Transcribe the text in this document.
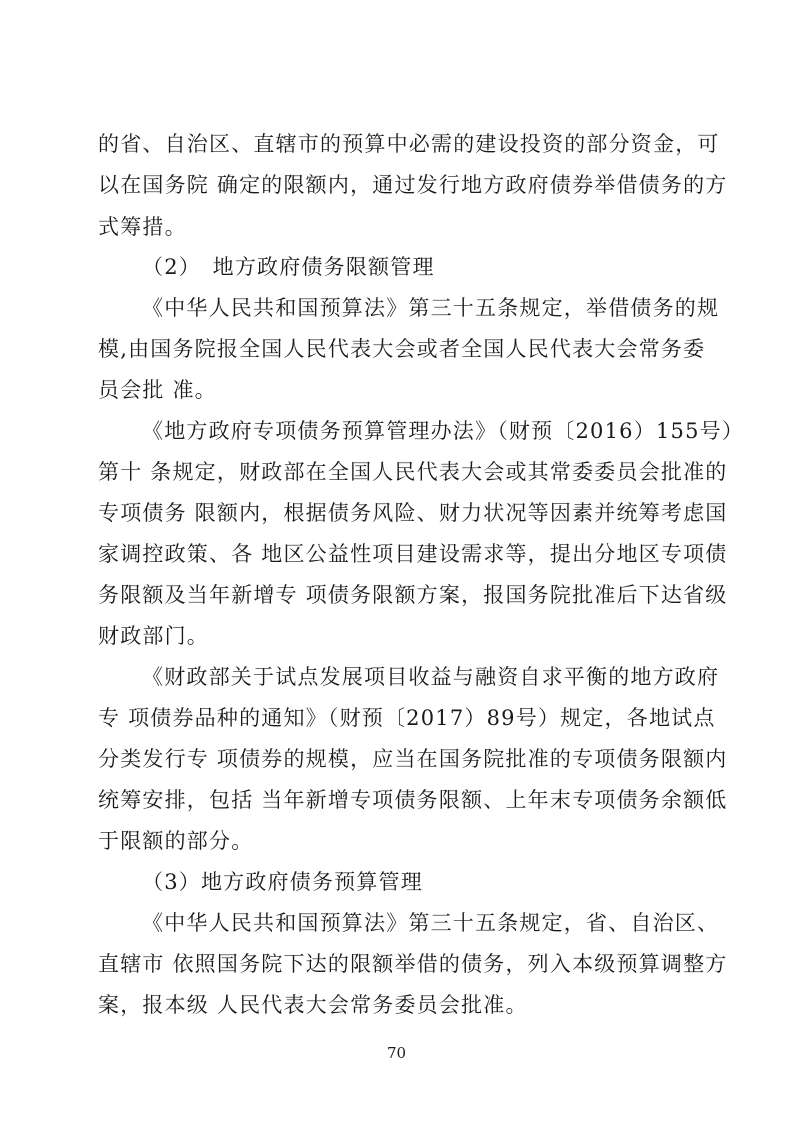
的省、自治区、直辖市的预算中必需的建设投资的部分资金，可
以在国务院 确定的限额内，通过发行地方政府债券举借债务的方
式筹措。
（2）　地方政府债务限额管理
《中华人民共和国预算法》第三十五条规定，举借债务的规
模,由国务院报全国人民代表大会或者全国人民代表大会常务委
员会批 准。
《地方政府专项债务预算管理办法》（财预〔2016）155号）
第十 条规定，财政部在全国人民代表大会或其常委委员会批准的
专项债务 限额内，根据债务风险、财力状况等因素并统筹考虑国
家调控政策、各 地区公益性项目建设需求等，提出分地区专项债
务限额及当年新增专 项债务限额方案，报国务院批准后下达省级
财政部门。
《财政部关于试点发展项目收益与融资自求平衡的地方政府
专 项债券品种的通知》（财预〔2017）89号）规定，各地试点
分类发行专 项债券的规模，应当在国务院批准的专项债务限额内
统筹安排，包括 当年新增专项债务限额、上年末专项债务余额低
于限额的部分。
（3）地方政府债务预算管理
《中华人民共和国预算法》第三十五条规定，省、自治区、
直辖市 依照国务院下达的限额举借的债务，列入本级预算调整方
案，报本级 人民代表大会常务委员会批准。
70
